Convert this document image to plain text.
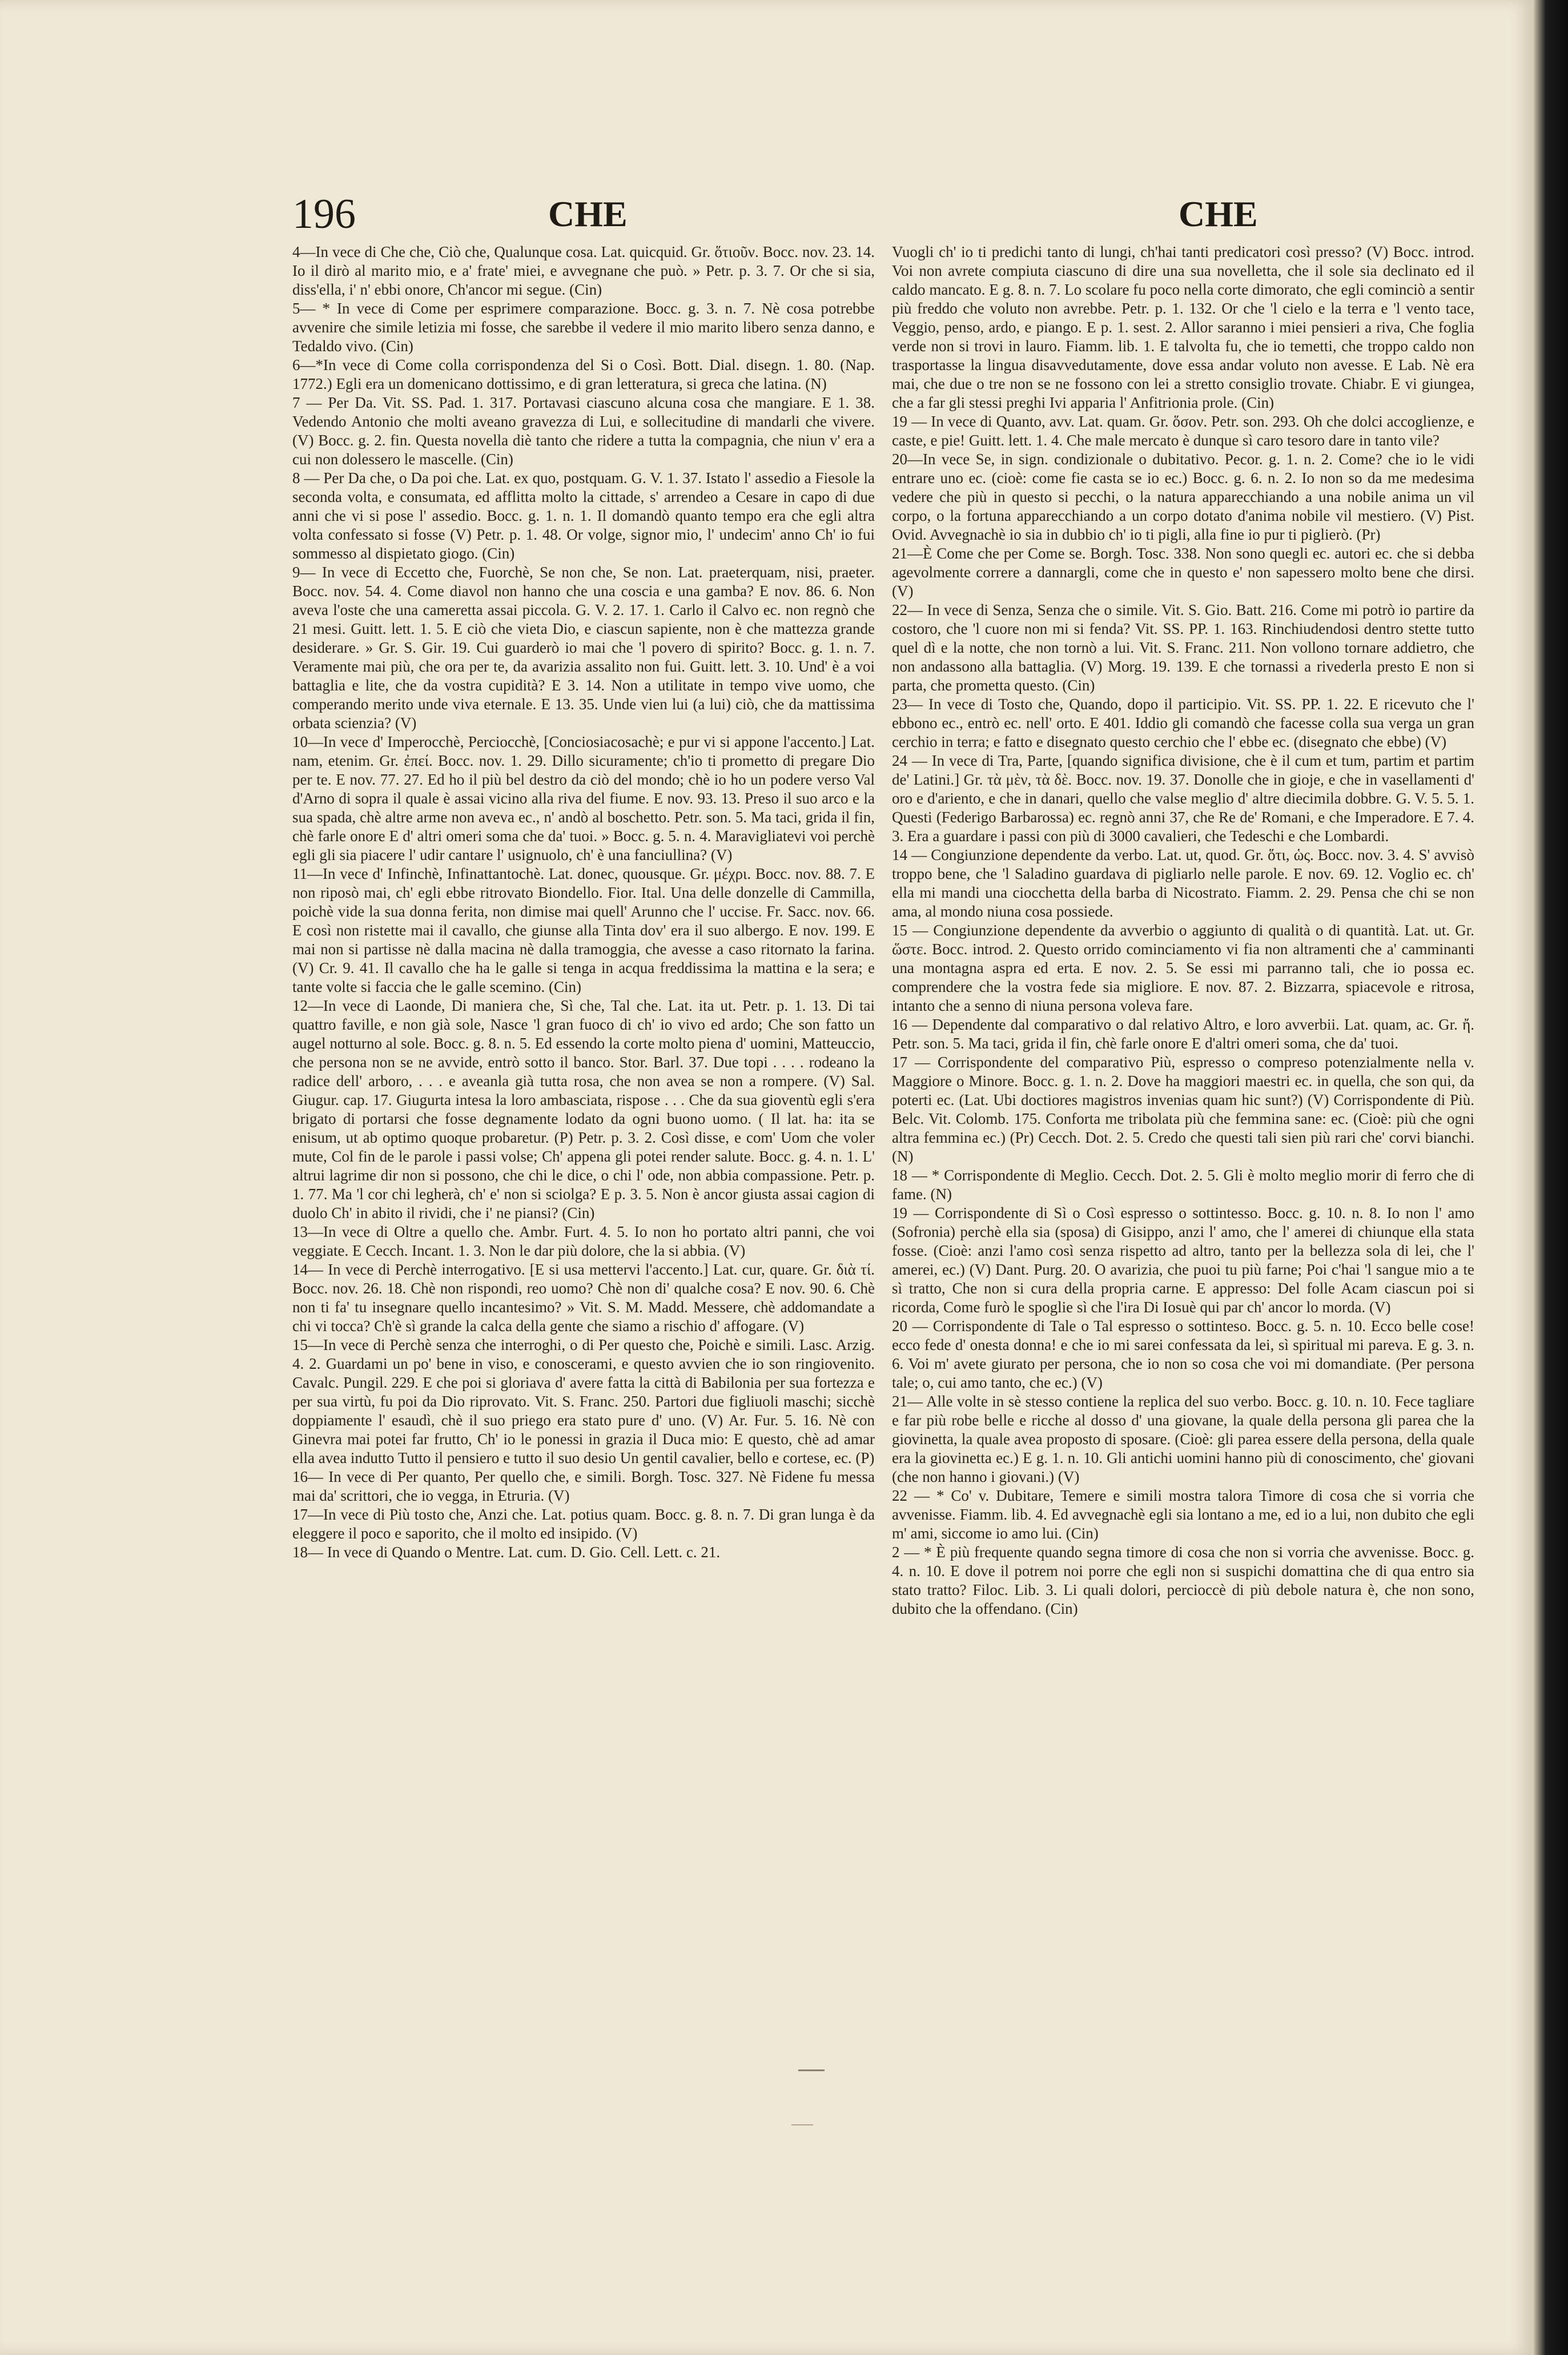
196	CHE	CHE

4—In vece di Che che, Ciò che, Qualunque cosa. Lat. quicquid. Gr. ὅτιοῦν. Bocc. nov. 23. 14. Io il dirò al marito mio, e a' frate' miei, e avvegnane che può. » Petr. p. 3. 7. Or che si sia, diss'ella, i' n' ebbi onore, Ch'ancor mi segue. (Cin)

5— * In vece di Come per esprimere comparazione. Bocc. g. 3. n. 7. Nè cosa potrebbe avvenire che simile letizia mi fosse, che sarebbe il vedere il mio marito libero senza danno, e Tedaldo vivo. (Cin)

6—*In vece di Come colla corrispondenza del Si o Così. Bott. Dial. disegn. 1. 80. (Nap. 1772.) Egli era un domenicano dottissimo, e di gran letteratura, si greca che latina. (N)

7 — Per Da. Vit. SS. Pad. 1. 317. Portavasi ciascuno alcuna cosa che mangiare. E 1. 38. Vedendo Antonio che molti aveano gravezza di Lui, e sollecitudine di mandarli che vivere. (V) Bocc. g. 2. fin. Questa novella diè tanto che ridere a tutta la compagnia, che niun v' era a cui non dolessero le mascelle. (Cin)

8 — Per Da che, o Da poi che. Lat. ex quo, postquam. G. V. 1. 37. Istato l' assedio a Fiesole la seconda volta, e consumata, ed afflitta molto la cittade, s' arrendeo a Cesare in capo di due anni che vi si pose l' assedio. Bocc. g. 1. n. 1. Il domandò quanto tempo era che egli altra volta confessato si fosse (V) Petr. p. 1. 48. Or volge, signor mio, l' undecim' anno Ch' io fui sommesso al dispietato giogo. (Cin)

9— In vece di Eccetto che, Fuorchè, Se non che, Se non. Lat. praeterquam, nisi, praeter. Bocc. nov. 54. 4. Come diavol non hanno che una coscia e una gamba? E nov. 86. 6. Non aveva l'oste che una cameretta assai piccola. G. V. 2. 17. 1. Carlo il Calvo ec. non regnò che 21 mesi. Guitt. lett. 1. 5. E ciò che vieta Dio, e ciascun sapiente, non è che mattezza grande desiderare. » Gr. S. Gir. 19. Cui guarderò io mai che 'l povero di spirito? Bocc. g. 1. n. 7. Veramente mai più, che ora per te, da avarizia assalito non fui. Guitt. lett. 3. 10. Und' è a voi battaglia e lite, che da vostra cupidità? E 3. 14. Non a utilitate in tempo vive uomo, che comperando merito unde viva eternale. E 13. 35. Unde vien lui (a lui) ciò, che da mattissima orbata scienzia? (V)

10—In vece d' Imperocchè, Perciocchè, [Conciosiacosachè; e pur vi si appone l'accento.] Lat. nam, etenim. Gr. ἐπεί. Bocc. nov. 1. 29. Dillo sicuramente; ch'io ti prometto di pregare Dio per te. E nov. 77. 27. Ed ho il più bel destro da ciò del mondo; chè io ho un podere verso Val d'Arno di sopra il quale è assai vicino alla riva del fiume. E nov. 93. 13. Preso il suo arco e la sua spada, chè altre arme non aveva ec., n' andò al boschetto. Petr. son. 5. Ma taci, grida il fin, chè farle onore E d' altri omeri soma che da' tuoi. » Bocc. g. 5. n. 4. Maravigliatevi voi perchè egli gli sia piacere l' udir cantare l' usignuolo, ch' è una fanciullina? (V)

11—In vece d' Infinchè, Infinattantochè. Lat. donec, quousque. Gr. μέχρι. Bocc. nov. 88. 7. E non riposò mai, ch' egli ebbe ritrovato Biondello. Fior. Ital. Una delle donzelle di Cammilla, poichè vide la sua donna ferita, non dimise mai quell' Arunno che l' uccise. Fr. Sacc. nov. 66. E così non ristette mai il cavallo, che giunse alla Tinta dov' era il suo albergo. E nov. 199. E mai non si partisse nè dalla macina nè dalla tramoggia, che avesse a caso ritornato la farina. (V) Cr. 9. 41. Il cavallo che ha le galle si tenga in acqua freddissima la mattina e la sera; e tante volte si faccia che le galle scemino. (Cin)

12—In vece di Laonde, Di maniera che, Sì che, Tal che. Lat. ita ut. Petr. p. 1. 13. Di tai quattro faville, e non già sole, Nasce 'l gran fuoco di ch' io vivo ed ardo; Che son fatto un augel notturno al sole. Bocc. g. 8. n. 5. Ed essendo la corte molto piena d' uomini, Matteuccio, che persona non se ne avvide, entrò sotto il banco. Stor. Barl. 37. Due topi . . . . rodeano la radice dell' arboro, . . . e aveanla già tutta rosa, che non avea se non a rompere. (V) Sal. Giugur. cap. 17. Giugurta intesa la loro ambasciata, rispose . . . Che da sua gioventù egli s'era brigato di portarsi che fosse degnamente lodato da ogni buono uomo. ( Il lat. ha: ita se enisum, ut ab optimo quoque probaretur. (P) Petr. p. 3. 2. Così disse, e com' Uom che voler mute, Col fin de le parole i passi volse; Ch' appena gli potei render salute. Bocc. g. 4. n. 1. L' altrui lagrime dir non si possono, che chi le dice, o chi l' ode, non abbia compassione. Petr. p. 1. 77. Ma 'l cor chi legherà, ch' e' non si sciolga? E p. 3. 5. Non è ancor giusta assai cagion di duolo Ch' in abito il rividi, che i' ne piansi? (Cin)

13—In vece di Oltre a quello che. Ambr. Furt. 4. 5. Io non ho portato altri panni, che voi veggiate. E Cecch. Incant. 1. 3. Non le dar più dolore, che la si abbia. (V)

14— In vece di Perchè interrogativo. [E si usa mettervi l'accento.] Lat. cur, quare. Gr. διὰ τί. Bocc. nov. 26. 18. Chè non rispondi, reo uomo? Chè non di' qualche cosa? E nov. 90. 6. Chè non ti fa' tu insegnare quello incantesimo? » Vit. S. M. Madd. Messere, chè addomandate a chi vi tocca? Ch'è sì grande la calca della gente che siamo a rischio d' affogare. (V)

15—In vece di Perchè senza che interroghi, o di Per questo che, Poichè e simili. Lasc. Arzig. 4. 2. Guardami un po' bene in viso, e conoscerami, e questo avvien che io son ringiovenito. Cavalc. Pungil. 229. E che poi si gloriava d' avere fatta la città di Babilonia per sua fortezza e per sua virtù, fu poi da Dio riprovato. Vit. S. Franc. 250. Partori due figliuoli maschi; sicchè doppiamente l' esaudì, chè il suo priego era stato pure d' uno. (V) Ar. Fur. 5. 16. Nè con Ginevra mai potei far frutto, Ch' io le ponessi in grazia il Duca mio: E questo, chè ad amar ella avea indutto Tutto il pensiero e tutto il suo desio Un gentil cavalier, bello e cortese, ec. (P)

16— In vece di Per quanto, Per quello che, e simili. Borgh. Tosc. 327. Nè Fidene fu messa mai da' scrittori, che io vegga, in Etruria. (V)

17—In vece di Più tosto che, Anzi che. Lat. potius quam. Bocc. g. 8. n. 7. Di gran lunga è da eleggere il poco e saporito, che il molto ed insipido. (V)

18— In vece di Quando o Mentre. Lat. cum. D. Gio. Cell. Lett. c. 21.

Vuogli ch' io ti predichi tanto di lungi, ch'hai tanti predicatori così presso? (V) Bocc. introd. Voi non avrete compiuta ciascuno di dire una sua novelletta, che il sole sia declinato ed il caldo mancato. E g. 8. n. 7. Lo scolare fu poco nella corte dimorato, che egli cominciò a sentir più freddo che voluto non avrebbe. Petr. p. 1. 132. Or che 'l cielo e la terra e 'l vento tace, Veggio, penso, ardo, e piango. E p. 1. sest. 2. Allor saranno i miei pensieri a riva, Che foglia verde non si trovi in lauro. Fiamm. lib. 1. E talvolta fu, che io temetti, che troppo caldo non trasportasse la lingua disavvedutamente, dove essa andar voluto non avesse. E Lab. Nè era mai, che due o tre non se ne fossono con lei a stretto consiglio trovate. Chiabr. E vi giungea, che a far gli stessi preghi Ivi apparia l' Anfitrionia prole. (Cin)

19 — In vece di Quanto, avv. Lat. quam. Gr. ὅσον. Petr. son. 293. Oh che dolci accoglienze, e caste, e pie! Guitt. lett. 1. 4. Che male mercato è dunque sì caro tesoro dare in tanto vile?

20—In vece Se, in sign. condizionale o dubitativo. Pecor. g. 1. n. 2. Come? che io le vidi entrare uno ec. (cioè: come fie casta se io ec.) Bocc. g. 6. n. 2. Io non so da me medesima vedere che più in questo si pecchi, o la natura apparecchiando a una nobile anima un vil corpo, o la fortuna apparecchiando a un corpo dotato d'anima nobile vil mestiero. (V) Pist. Ovid. Avvegnachè io sia in dubbio ch' io ti pigli, alla fine io pur ti piglierò. (Pr)

21—È Come che per Come se. Borgh. Tosc. 338. Non sono quegli ec. autori ec. che si debba agevolmente correre a dannargli, come che in questo e' non sapessero molto bene che dirsi. (V)

22— In vece di Senza, Senza che o simile. Vit. S. Gio. Batt. 216. Come mi potrò io partire da costoro, che 'l cuore non mi si fenda? Vit. SS. PP. 1. 163. Rinchiudendosi dentro stette tutto quel dì e la notte, che non tornò a lui. Vit. S. Franc. 211. Non vollono tornare addietro, che non andassono alla battaglia. (V) Morg. 19. 139. E che tornassi a rivederla presto E non si parta, che prometta questo. (Cin)

23— In vece di Tosto che, Quando, dopo il participio. Vit. SS. PP. 1. 22. E ricevuto che l' ebbono ec., entrò ec. nell' orto. E 401. Iddio gli comandò che facesse colla sua verga un gran cerchio in terra; e fatto e disegnato questo cerchio che l' ebbe ec. (disegnato che ebbe) (V)

24 — In vece di Tra, Parte, [quando significa divisione, che è il cum et tum, partim et partim de' Latini.] Gr. τὰ μὲν, τὰ δὲ. Bocc. nov. 19. 37. Donolle che in gioje, e che in vasellamenti d' oro e d'ariento, e che in danari, quello che valse meglio d' altre diecimila dobbre. G. V. 5. 5. 1. Questi (Federigo Barbarossa) ec. regnò anni 37, che Re de' Romani, e che Imperadore. E 7. 4. 3. Era a guardare i passi con più di 3000 cavalieri, che Tedeschi e che Lombardi.

14 — Congiunzione dependente da verbo. Lat. ut, quod. Gr. ὅτι, ὡς. Bocc. nov. 3. 4. S' avvisò troppo bene, che 'l Saladino guardava di pigliarlo nelle parole. E nov. 69. 12. Voglio ec. ch' ella mi mandi una ciocchetta della barba di Nicostrato. Fiamm. 2. 29. Pensa che chi se non ama, al mondo niuna cosa possiede.

15 — Congiunzione dependente da avverbio o aggiunto di qualità o di quantità. Lat. ut. Gr. ὥστε. Bocc. introd. 2. Questo orrido cominciamento vi fia non altramenti che a' camminanti una montagna aspra ed erta. E nov. 2. 5. Se essi mi parranno tali, che io possa ec. comprendere che la vostra fede sia migliore. E nov. 87. 2. Bizzarra, spiacevole e ritrosa, intanto che a senno di niuna persona voleva fare.

16 — Dependente dal comparativo o dal relativo Altro, e loro avverbii. Lat. quam, ac. Gr. ἤ. Petr. son. 5. Ma taci, grida il fin, chè farle onore E d'altri omeri soma, che da' tuoi.

17 — Corrispondente del comparativo Più, espresso o compreso potenzialmente nella v. Maggiore o Minore. Bocc. g. 1. n. 2. Dove ha maggiori maestri ec. in quella, che son qui, da poterti ec. (Lat. Ubi doctiores magistros invenias quam hic sunt?) (V) Corrispondente di Più. Belc. Vit. Colomb. 175. Conforta me tribolata più che femmina sane: ec. (Cioè: più che ogni altra femmina ec.) (Pr) Cecch. Dot. 2. 5. Credo che questi tali sien più rari che' corvi bianchi. (N)

18 — * Corrispondente di Meglio. Cecch. Dot. 2. 5. Gli è molto meglio morir di ferro che di fame. (N)

19 — Corrispondente di Sì o Così espresso o sottintesso. Bocc. g. 10. n. 8. Io non l' amo (Sofronia) perchè ella sia (sposa) di Gisippo, anzi l' amo, che l' amerei di chiunque ella stata fosse. (Cioè: anzi l'amo così senza rispetto ad altro, tanto per la bellezza sola di lei, che l' amerei, ec.) (V) Dant. Purg. 20. O avarizia, che puoi tu più farne; Poi c'hai 'l sangue mio a te sì tratto, Che non si cura della propria carne. E appresso: Del folle Acam ciascun poi si ricorda, Come furò le spoglie sì che l'ira Di Iosuè qui par ch' ancor lo morda. (V)

20 — Corrispondente di Tale o Tal espresso o sottinteso. Bocc. g. 5. n. 10. Ecco belle cose! ecco fede d' onesta donna! e che io mi sarei confessata da lei, sì spiritual mi pareva. E g. 3. n. 6. Voi m' avete giurato per persona, che io non so cosa che voi mi domandiate. (Per persona tale; o, cui amo tanto, che ec.) (V)

21— Alle volte in sè stesso contiene la replica del suo verbo. Bocc. g. 10. n. 10. Fece tagliare e far più robe belle e ricche al dosso d' una giovane, la quale della persona gli parea che la giovinetta, la quale avea proposto di sposare. (Cioè: gli parea essere della persona, della quale era la giovinetta ec.) E g. 1. n. 10. Gli antichi uomini hanno più di conoscimento, che' giovani (che non hanno i giovani.) (V)

22 — * Co' v. Dubitare, Temere e simili mostra talora Timore di cosa che si vorria che avvenisse. Fiamm. lib. 4. Ed avvegnachè egli sia lontano a me, ed io a lui, non dubito che egli m' ami, siccome io amo lui. (Cin)

2 — * È più frequente quando segna timore di cosa che non si vorria che avvenisse. Bocc. g. 4. n. 10. E dove il potrem noi porre che egli non si suspichi domattina che di qua entro sia stato tratto? Filoc. Lib. 3. Li quali dolori, percioccè di più debole natura è, che non sono, dubito che la offendano. (Cin)
